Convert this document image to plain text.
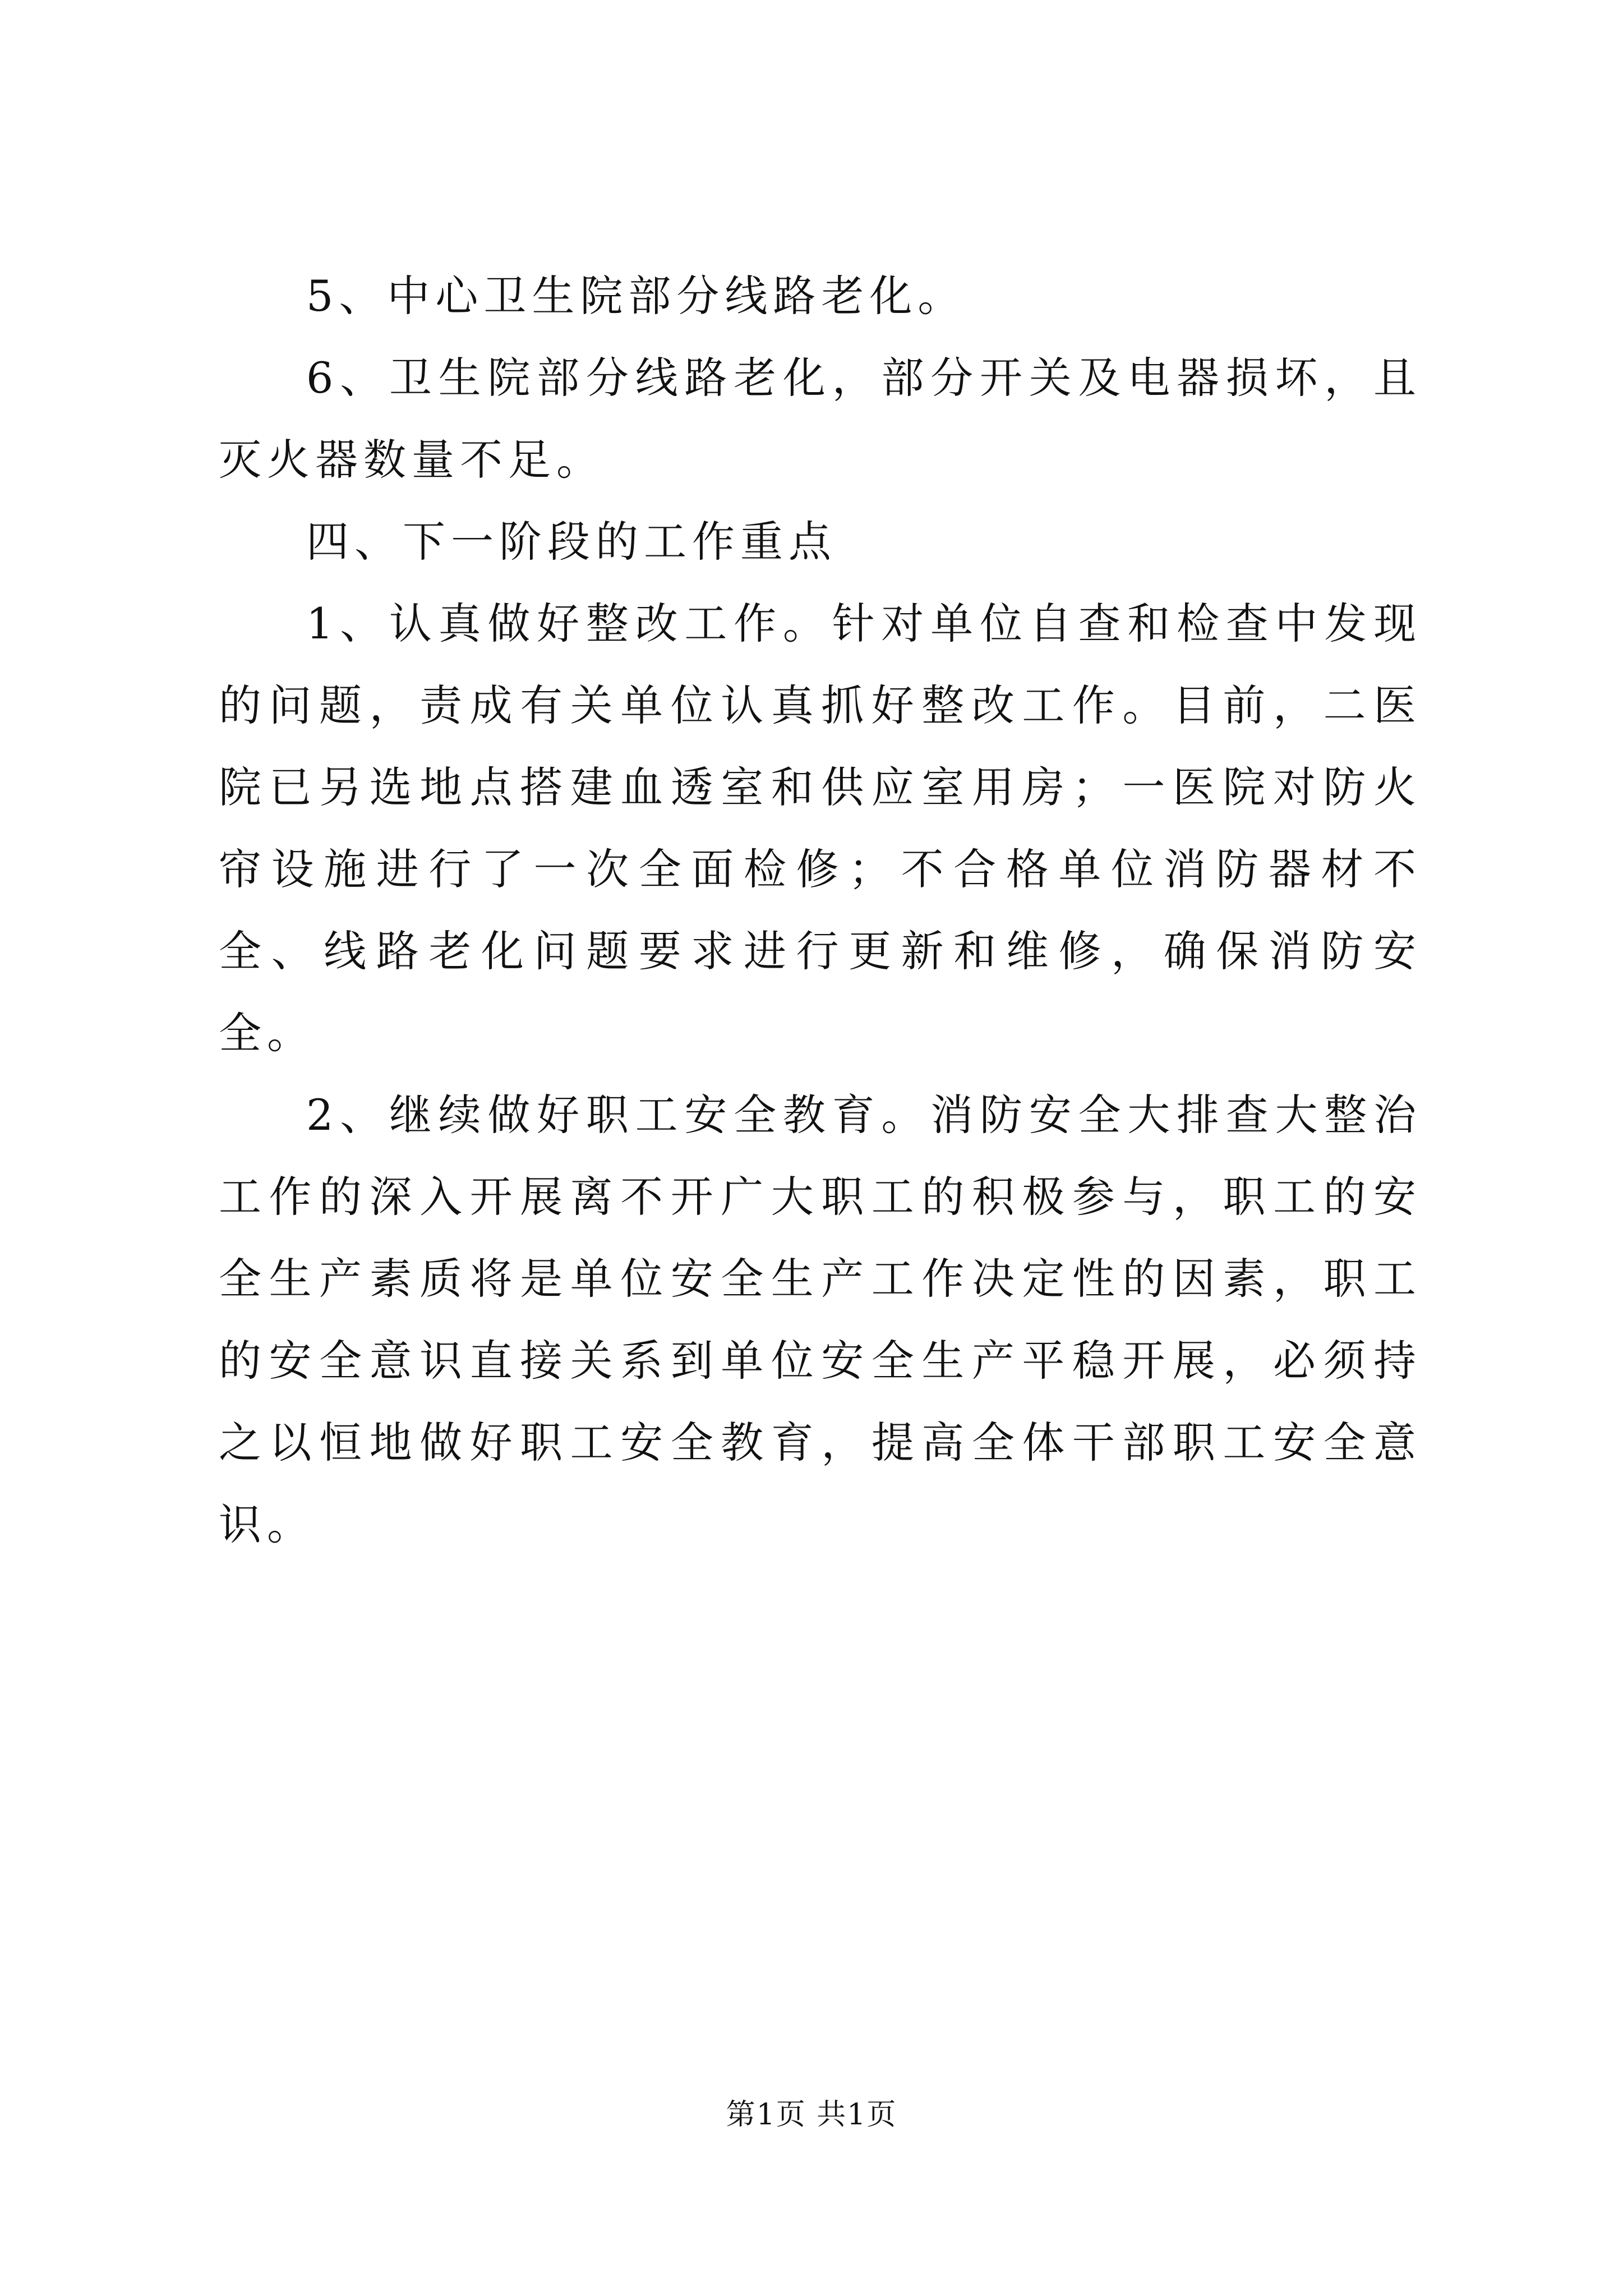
5、中心卫生院部分线路老化。

6、卫生院部分线路老化，部分开关及电器损坏，且灭火器数量不足。

四、下一阶段的工作重点

1、认真做好整改工作。针对单位自查和检查中发现的问题，责成有关单位认真抓好整改工作。目前，二医院已另选地点搭建血透室和供应室用房；一医院对防火帘设施进行了一次全面检修；不合格单位消防器材不全、线路老化问题要求进行更新和维修，确保消防安全。

2、继续做好职工安全教育。消防安全大排查大整治工作的深入开展离不开广大职工的积极参与，职工的安全生产素质将是单位安全生产工作决定性的因素，职工的安全意识直接关系到单位安全生产平稳开展，必须持之以恒地做好职工安全教育，提高全体干部职工安全意识。

第1页 共1页
